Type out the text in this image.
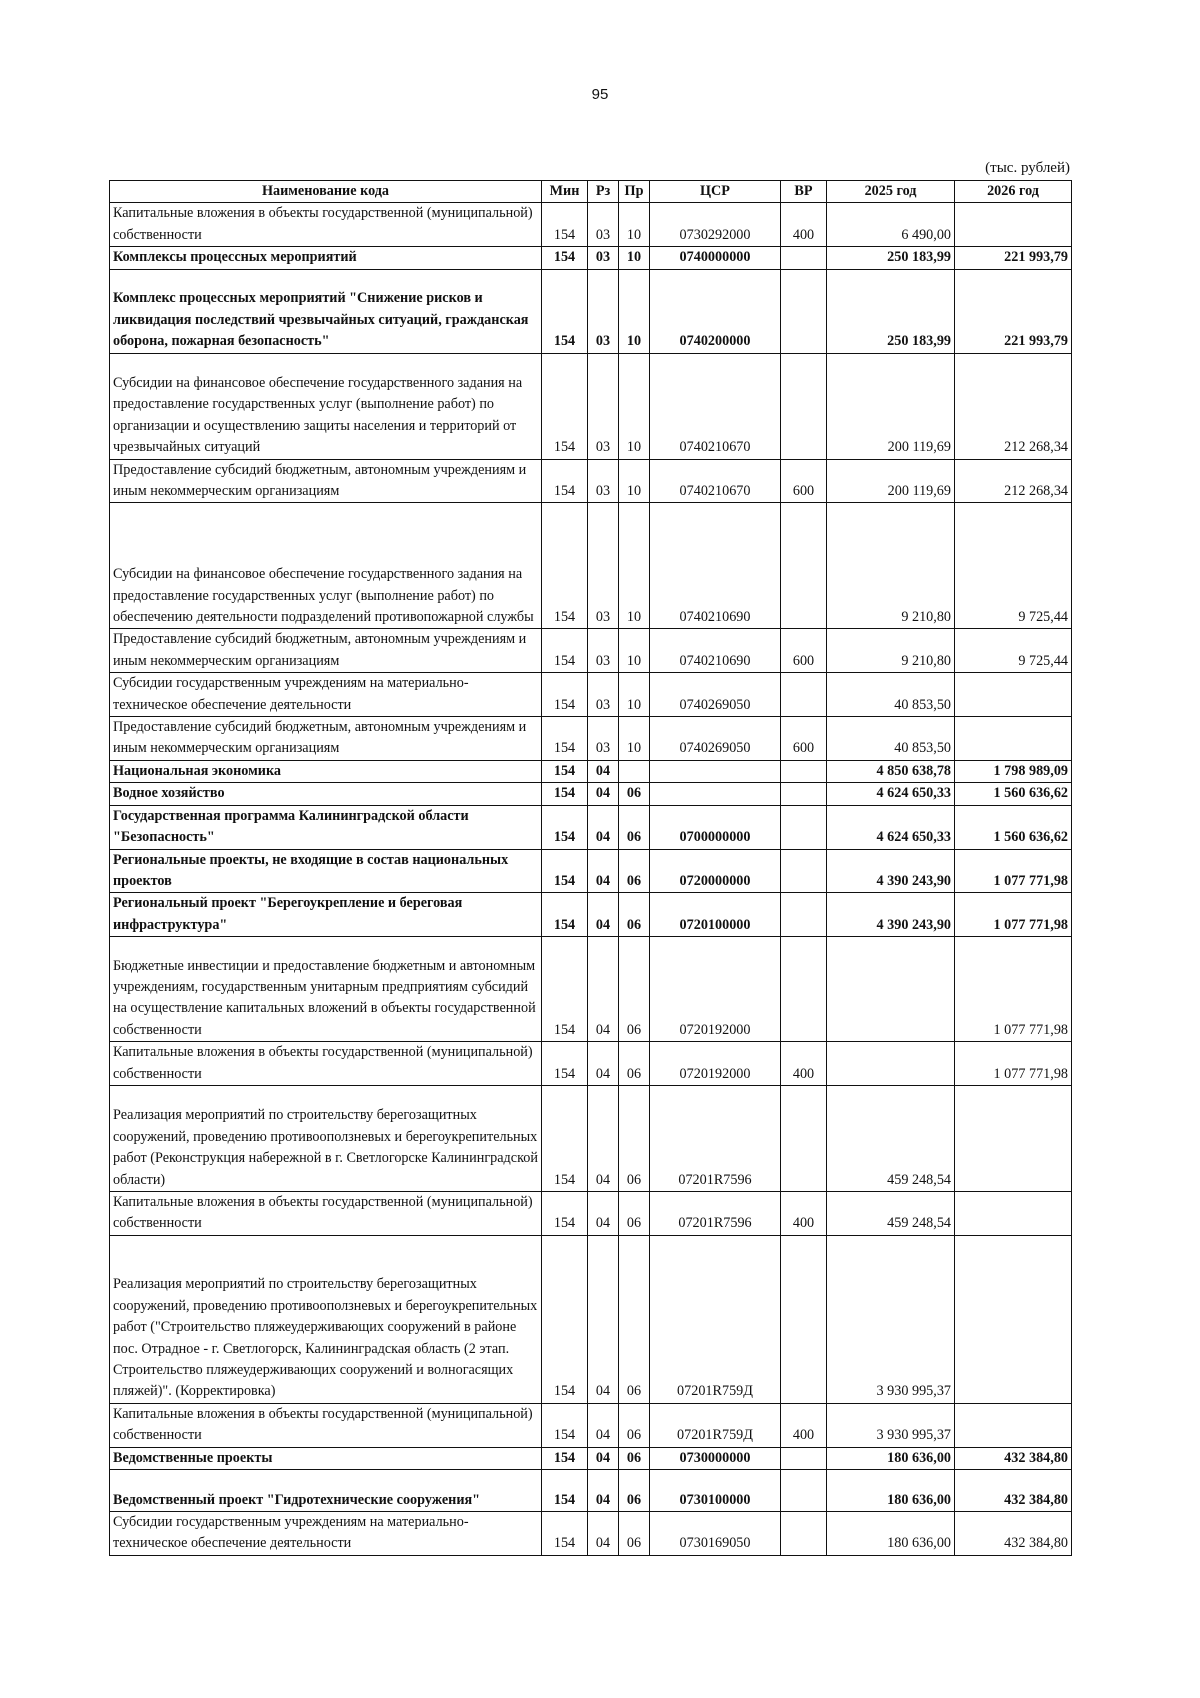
95
(тыс. рублей)
Наименование кода	Мин	Рз	Пр	ЦСР	ВР	2025 год	2026 год
Капитальные вложения в объекты государственной (муниципальной) собственности	154	03	10	0730292000	400	6 490,00	
Комплексы процессных мероприятий	154	03	10	0740000000		250 183,99	221 993,79
Комплекс процессных мероприятий "Снижение рисков и ликвидация последствий чрезвычайных ситуаций, гражданская оборона, пожарная безопасность"	154	03	10	0740200000		250 183,99	221 993,79
Субсидии на финансовое обеспечение государственного задания на предоставление государственных услуг (выполнение работ) по организации и осуществлению защиты населения и территорий от чрезвычайных ситуаций	154	03	10	0740210670		200 119,69	212 268,34
Предоставление субсидий бюджетным, автономным учреждениям и иным некоммерческим организациям	154	03	10	0740210670	600	200 119,69	212 268,34
Субсидии на финансовое обеспечение государственного задания на предоставление государственных услуг (выполнение работ) по обеспечению деятельности подразделений противопожарной службы	154	03	10	0740210690		9 210,80	9 725,44
Предоставление субсидий бюджетным, автономным учреждениям и иным некоммерческим организациям	154	03	10	0740210690	600	9 210,80	9 725,44
Субсидии государственным учреждениям на материально-техническое обеспечение деятельности	154	03	10	0740269050		40 853,50	
Предоставление субсидий бюджетным, автономным учреждениям и иным некоммерческим организациям	154	03	10	0740269050	600	40 853,50	
Национальная экономика	154	04				4 850 638,78	1 798 989,09
Водное хозяйство	154	04	06			4 624 650,33	1 560 636,62
Государственная программа Калининградской области "Безопасность"	154	04	06	0700000000		4 624 650,33	1 560 636,62
Региональные проекты, не входящие в состав национальных проектов	154	04	06	0720000000		4 390 243,90	1 077 771,98
Региональный проект "Берегоукрепление и береговая инфраструктура"	154	04	06	0720100000		4 390 243,90	1 077 771,98
Бюджетные инвестиции и предоставление бюджетным и автономным учреждениям, государственным унитарным предприятиям субсидий на осуществление капитальных вложений в объекты государственной собственности	154	04	06	0720192000			1 077 771,98
Капитальные вложения в объекты государственной (муниципальной) собственности	154	04	06	0720192000	400		1 077 771,98
Реализация мероприятий по строительству берегозащитных сооружений, проведению противооползневых и берегоукрепительных работ (Реконструкция набережной в г. Светлогорске Калининградской области)	154	04	06	07201R7596		459 248,54	
Капитальные вложения в объекты государственной (муниципальной) собственности	154	04	06	07201R7596	400	459 248,54	
Реализация мероприятий по строительству берегозащитных сооружений, проведению противооползневых и берегоукрепительных работ ("Строительство пляжеудерживающих сооружений в районе пос. Отрадное - г. Светлогорск, Калининградская область (2 этап. Строительство пляжеудерживающих сооружений и волногасящих пляжей)". (Корректировка)	154	04	06	07201R759Д		3 930 995,37	
Капитальные вложения в объекты государственной (муниципальной) собственности	154	04	06	07201R759Д	400	3 930 995,37	
Ведомственные проекты	154	04	06	0730000000		180 636,00	432 384,80
Ведомственный проект "Гидротехнические сооружения"	154	04	06	0730100000		180 636,00	432 384,80
Субсидии государственным учреждениям на материально-техническое обеспечение деятельности	154	04	06	0730169050		180 636,00	432 384,80
